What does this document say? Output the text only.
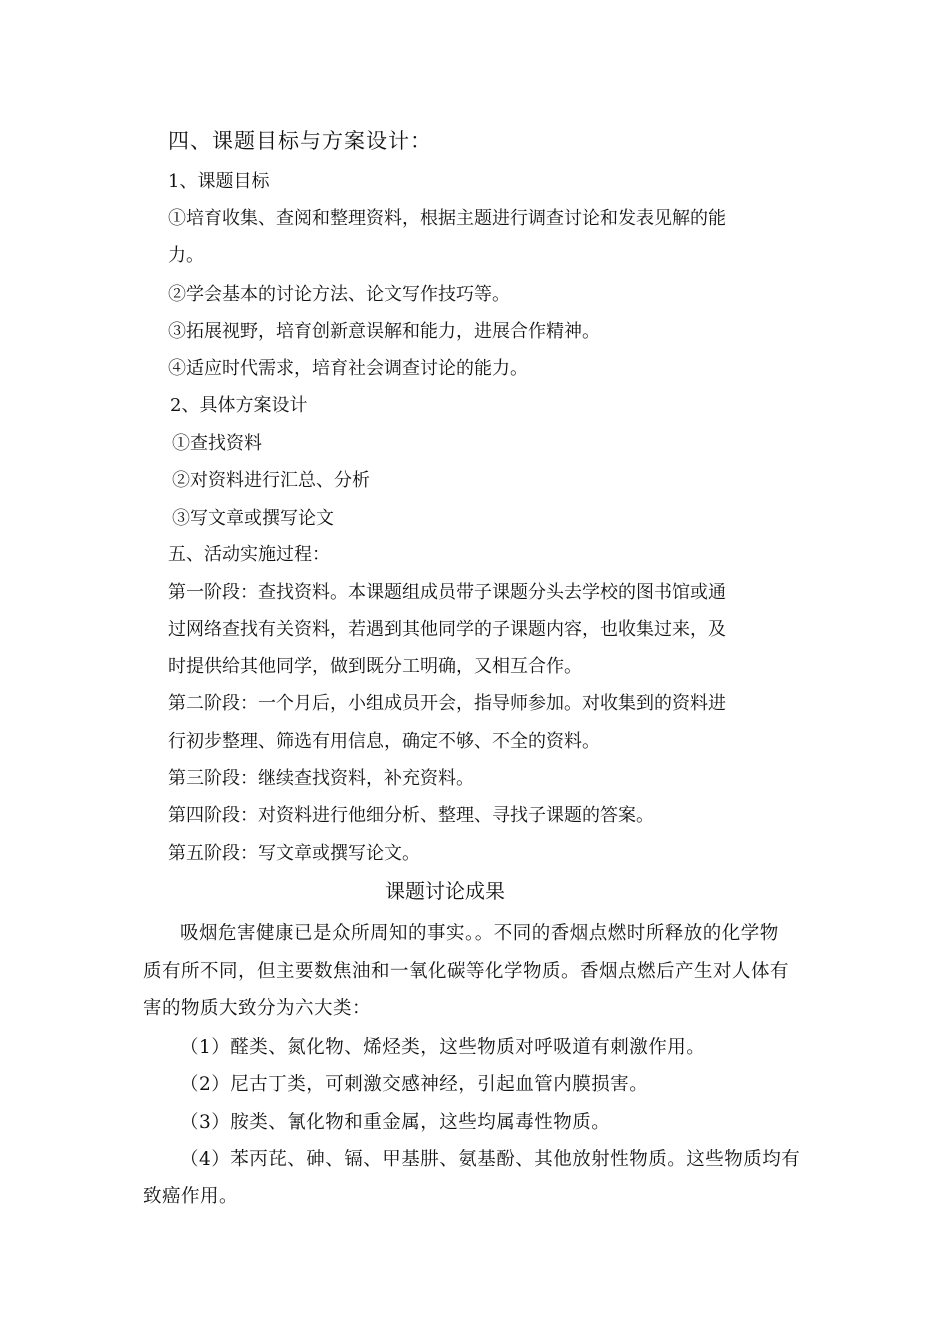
四、课题目标与方案设计：
1、课题目标
①培育收集、查阅和整理资料，根据主题进行调查讨论和发表见解的能
力。
②学会基本的讨论方法、论文写作技巧等。
③拓展视野，培育创新意误解和能力，进展合作精神。
④适应时代需求，培育社会调查讨论的能力。
2、具体方案设计
①查找资料
②对资料进行汇总、分析
③写文章或撰写论文
五、活动实施过程：
第一阶段：查找资料。本课题组成员带子课题分头去学校的图书馆或通
过网络查找有关资料，若遇到其他同学的子课题内容，也收集过来，及
时提供给其他同学，做到既分工明确，又相互合作。
第二阶段：一个月后，小组成员开会，指导师参加。对收集到的资料进
行初步整理、筛选有用信息，确定不够、不全的资料。
第三阶段：继续查找资料，补充资料。
第四阶段：对资料进行他细分析、整理、寻找子课题的答案。
第五阶段：写文章或撰写论文。
课题讨论成果
吸烟危害健康已是众所周知的事实。。不同的香烟点燃时所释放的化学物
质有所不同，但主要数焦油和一氧化碳等化学物质。香烟点燃后产生对人体有
害的物质大致分为六大类：
（1）醛类、氮化物、烯烃类，这些物质对呼吸道有刺激作用。
（2）尼古丁类，可刺激交感神经，引起血管内膜损害。
（3）胺类、氰化物和重金属，这些均属毒性物质。
（4）苯丙芘、砷、镉、甲基肼、氨基酚、其他放射性物质。这些物质均有
致癌作用。
